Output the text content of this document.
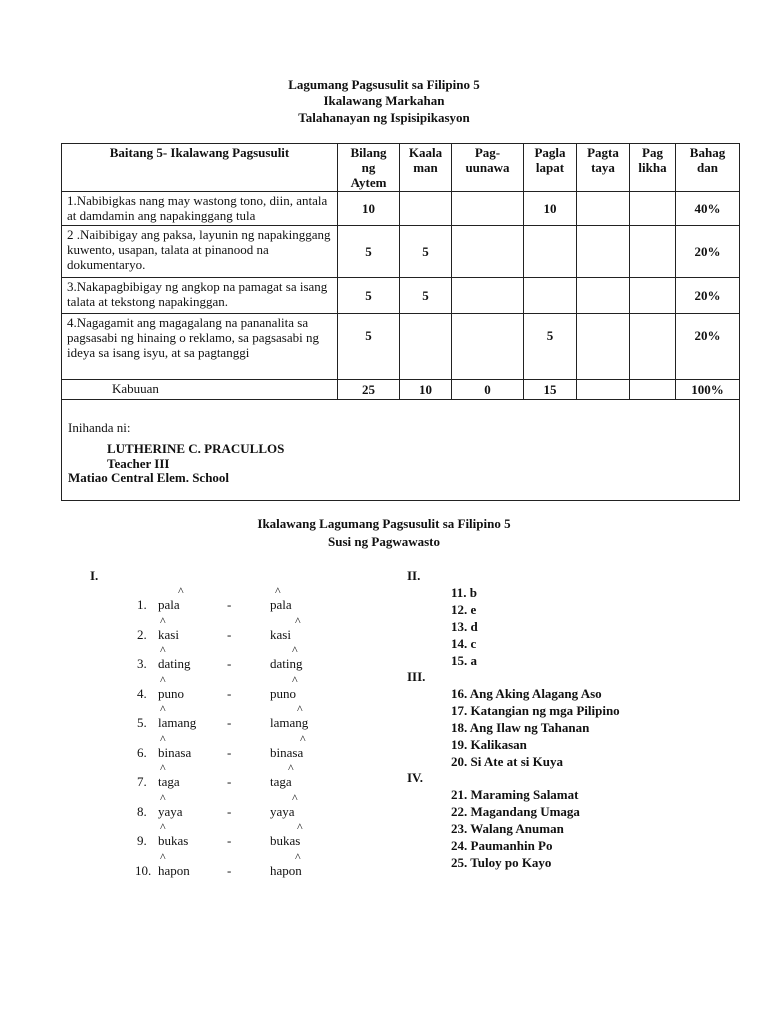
Lagumang Pagsusulit sa Filipino 5
Ikalawang Markahan
Talahanayan ng Ispisipikasyon
Baitang 5- Ikalawang Pagsusulit	Bilang ng Aytem	Kaala man	Pag- uunawa	Pagla lapat	Pagta taya	Pag likha	Bahag dan
1.Nabibigkas nang may wastong tono, diin, antala at damdamin ang napakinggang tula	10			10			40%
2 .Naibibigay ang paksa, layunin ng napakinggang kuwento, usapan, talata at pinanood na dokumentaryo.	5	5					20%
3.Nakapagbibigay ng angkop na pamagat sa isang talata at tekstong napakinggan.	5	5					20%
4.Nagagamit ang magagalang na pananalita sa pagsasabi ng hinaing o reklamo, sa pagsasabi ng ideya sa isang isyu, at sa pagtanggi	5			5			20%
Kabuuan	25	10	0	15			100%

Inihanda ni:
LUTHERINE C. PRACULLOS
Teacher III
Matiao Central Elem. School
Ikalawang Lagumang Pagsusulit sa Filipino 5
Susi ng Pagwawasto
I.
^	^
1. pala	-	pala
^	^
2. kasi	-	kasi
^	^
3. dating	-	dating
^	^
4. puno	-	puno
^	^
5. lamang -	lamang
^	^
6. binasa	-	binasa
^	^
7. taga	-	taga
^	^
8. yaya	-	yaya
^	^
9. bukas	-	bukas
^	^
10. hapon	-	hapon
II.
11. b
12. e
13. d
14. c
15. a
III.
16. Ang Aking Alagang Aso
17. Katangian ng mga Pilipino
18. Ang Ilaw ng Tahanan
19. Kalikasan
20. Si Ate at si Kuya
IV.
21. Maraming Salamat
22. Magandang Umaga
23. Walang Anuman
24. Paumanhin Po
25. Tuloy po Kayo
